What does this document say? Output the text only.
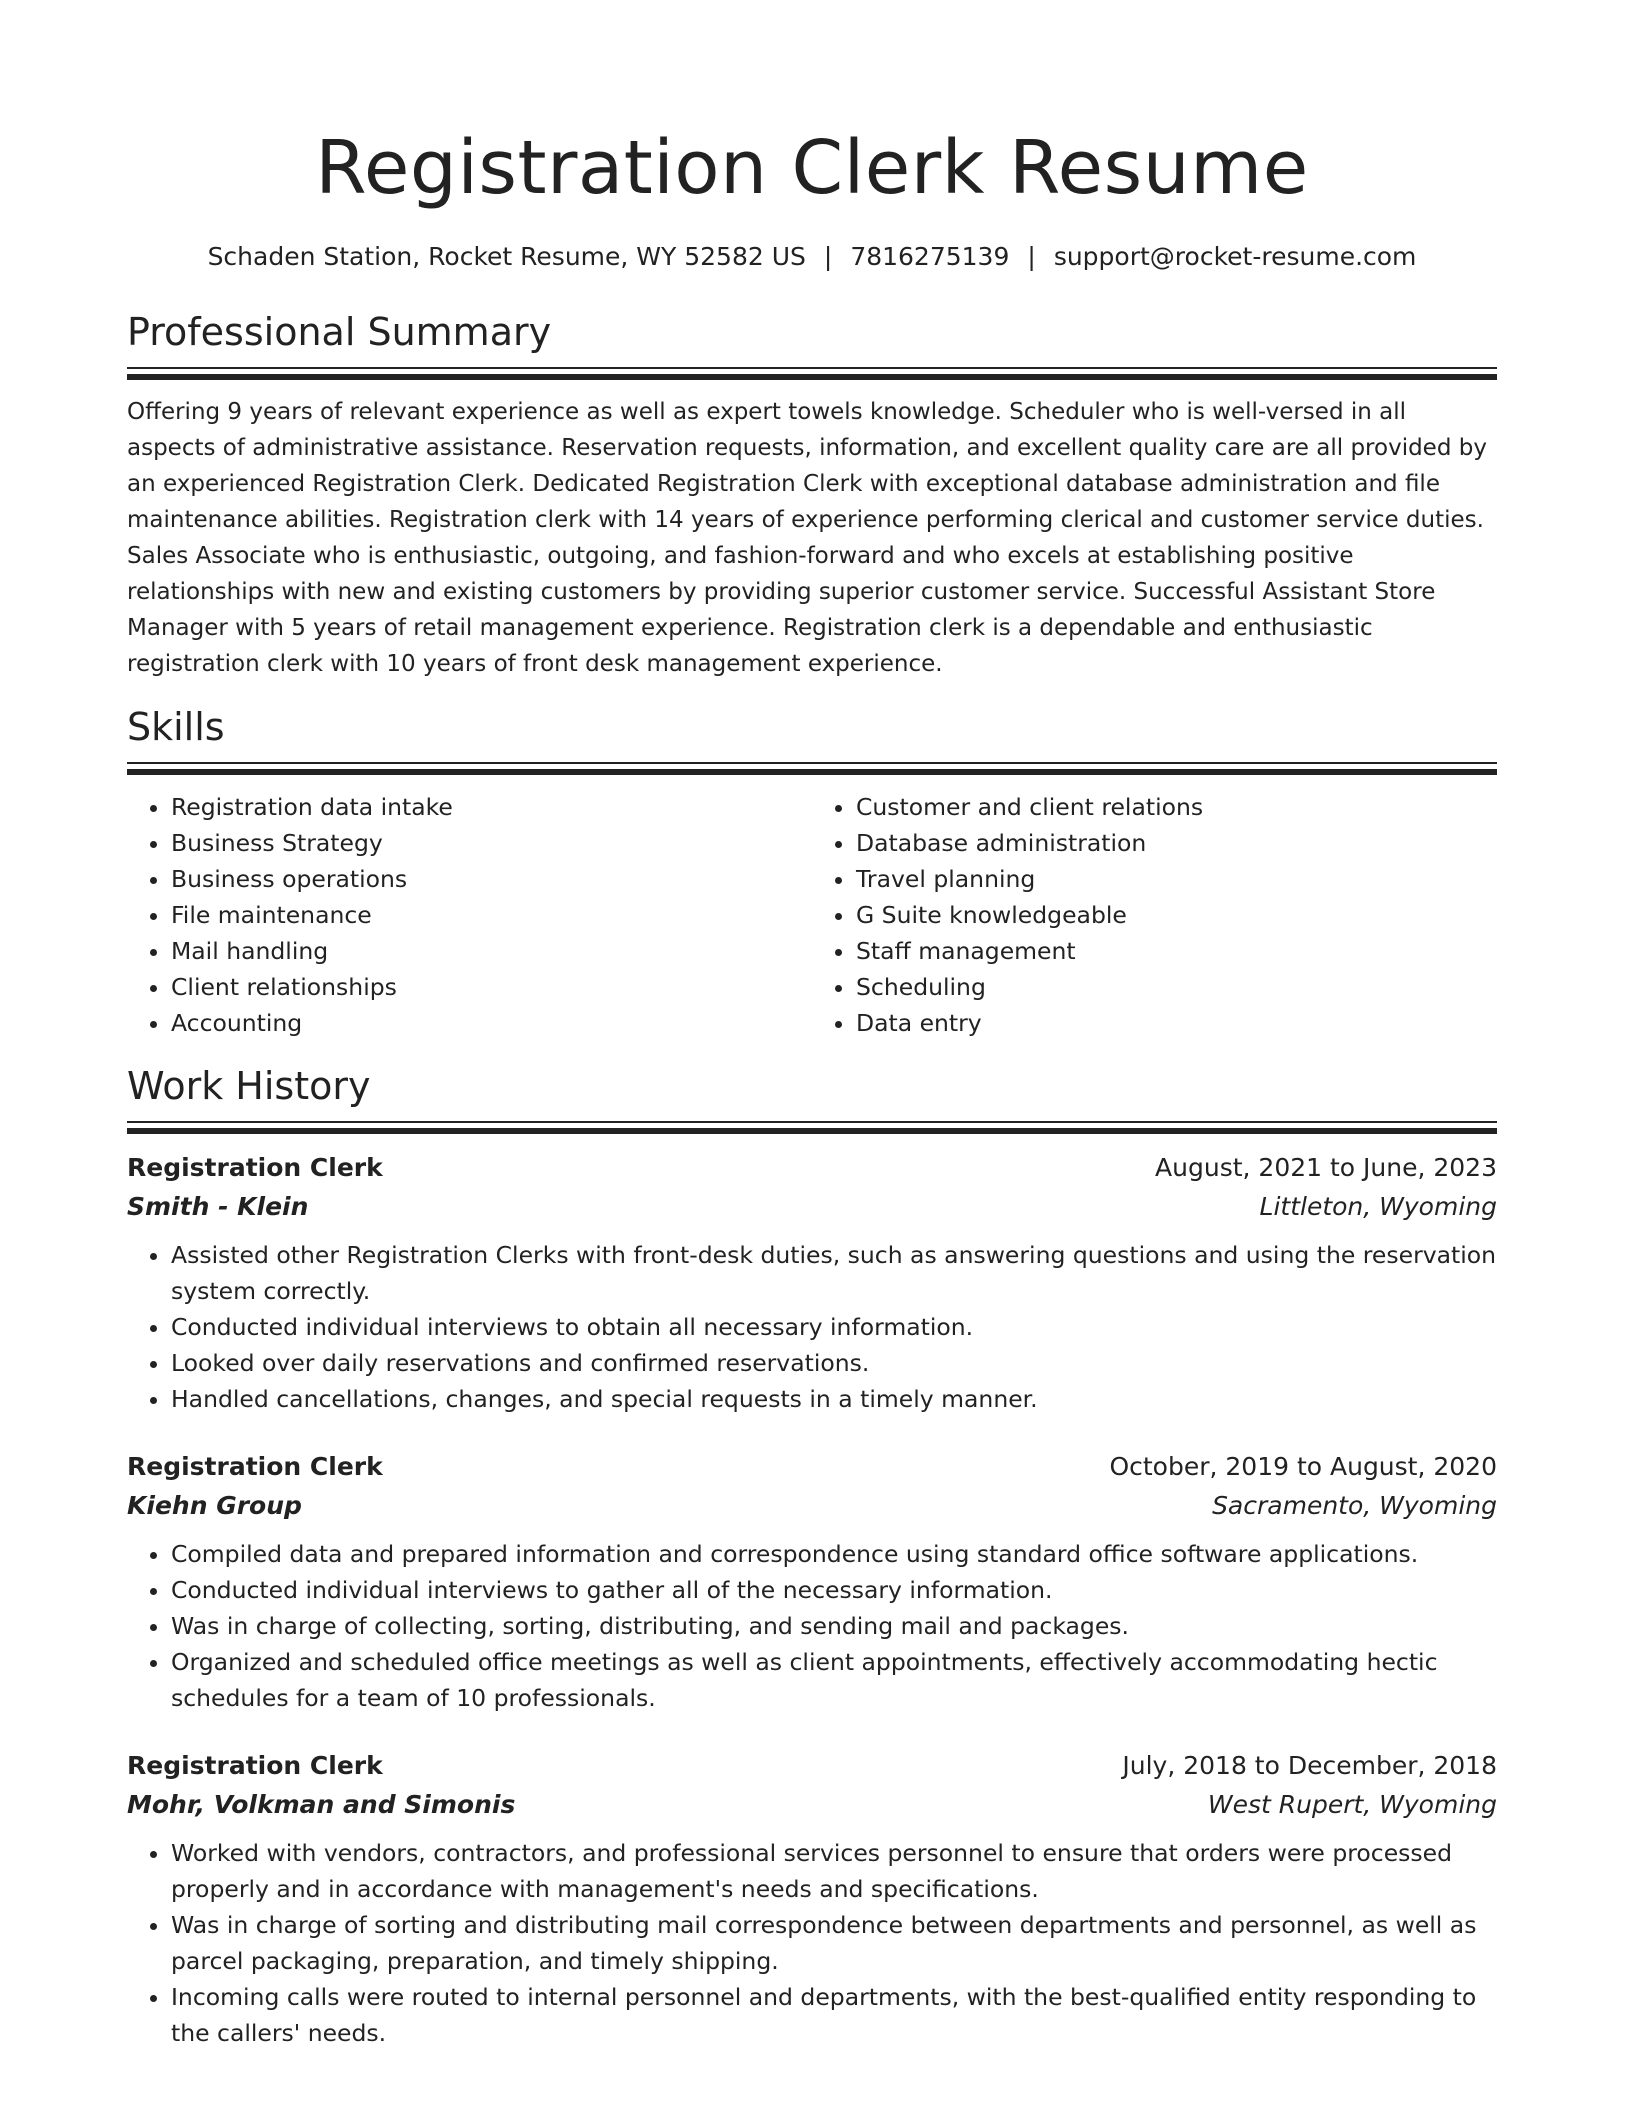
Registration Clerk Resume
Schaden Station, Rocket Resume, WY 52582 US | 7816275139 | support@rocket-resume.com
Professional Summary
Offering 9 years of relevant experience as well as expert towels knowledge. Scheduler who is well-versed in all aspects of administrative assistance. Reservation requests, information, and excellent quality care are all provided by an experienced Registration Clerk. Dedicated Registration Clerk with exceptional database administration and file maintenance abilities. Registration clerk with 14 years of experience performing clerical and customer service duties. Sales Associate who is enthusiastic, outgoing, and fashion-forward and who excels at establishing positive relationships with new and existing customers by providing superior customer service. Successful Assistant Store Manager with 5 years of retail management experience. Registration clerk is a dependable and enthusiastic registration clerk with 10 years of front desk management experience.
Skills
• Registration data intake
• Business Strategy
• Business operations
• File maintenance
• Mail handling
• Client relationships
• Accounting
• Customer and client relations
• Database administration
• Travel planning
• G Suite knowledgeable
• Staff management
• Scheduling
• Data entry
Work History
Registration Clerk	August, 2021 to June, 2023
Smith - Klein	Littleton, Wyoming
• Assisted other Registration Clerks with front-desk duties, such as answering questions and using the reservation system correctly.
• Conducted individual interviews to obtain all necessary information.
• Looked over daily reservations and confirmed reservations.
• Handled cancellations, changes, and special requests in a timely manner.
Registration Clerk	October, 2019 to August, 2020
Kiehn Group	Sacramento, Wyoming
• Compiled data and prepared information and correspondence using standard office software applications.
• Conducted individual interviews to gather all of the necessary information.
• Was in charge of collecting, sorting, distributing, and sending mail and packages.
• Organized and scheduled office meetings as well as client appointments, effectively accommodating hectic schedules for a team of 10 professionals.
Registration Clerk	July, 2018 to December, 2018
Mohr, Volkman and Simonis	West Rupert, Wyoming
• Worked with vendors, contractors, and professional services personnel to ensure that orders were processed properly and in accordance with management's needs and specifications.
• Was in charge of sorting and distributing mail correspondence between departments and personnel, as well as parcel packaging, preparation, and timely shipping.
• Incoming calls were routed to internal personnel and departments, with the best-qualified entity responding to the callers' needs.
